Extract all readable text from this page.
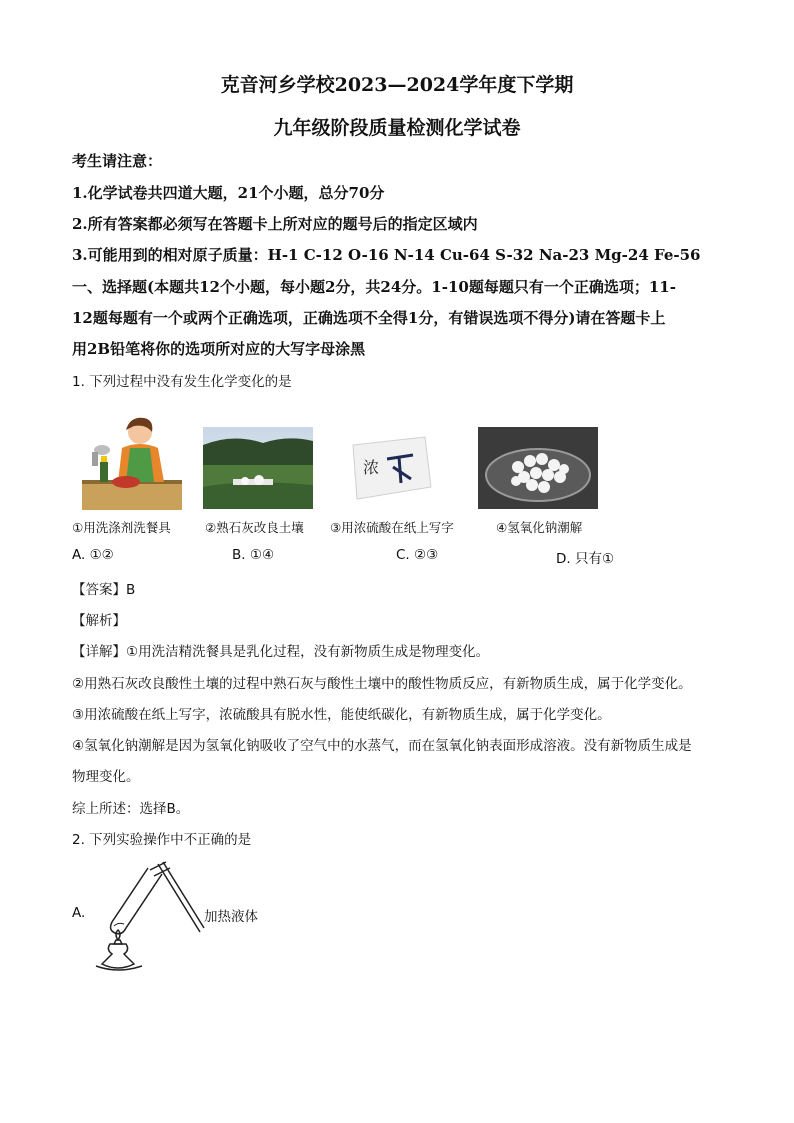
克音河乡学校2023—2024学年度下学期
九年级阶段质量检测化学试卷
考生请注意：
1.化学试卷共四道大题，21个小题，总分70分
2.所有答案都必须写在答题卡上所对应的题号后的指定区域内
3.可能用到的相对原子质量：H-1 C-12 O-16 N-14 Cu-64 S-32 Na-23 Mg-24 Fe-56
一、选择题(本题共12个小题，每小题2分，共24分。1-10题每题只有一个正确选项；11-
12题每题有一个或两个正确选项，正确选项不全得1分，有错误选项不得分)请在答题卡上
用2B铅笔将你的选项所对应的大写字母涂黑
1. 下列过程中没有发生化学变化的是
浓
①用洗涤剂洗餐具	②熟石灰改良土壤 ③用浓硫酸在纸上写字	④氢氧化钠潮解
A. ①②	B. ①④	C. ②③	D. 只有①
【答案】B
【解析】
【详解】①用洗洁精洗餐具是乳化过程，没有新物质生成是物理变化。
②用熟石灰改良酸性土壤的过程中熟石灰与酸性土壤中的酸性物质反应，有新物质生成，属于化学变化。
③用浓硫酸在纸上写字，浓硫酸具有脱水性，能使纸碳化，有新物质生成，属于化学变化。
④氢氧化钠潮解是因为氢氧化钠吸收了空气中的水蒸气，而在氢氧化钠表面形成溶液。没有新物质生成是
物理变化。
综上所述：选择B。
2. 下列实验操作中不正确的是
A.	加热液体
